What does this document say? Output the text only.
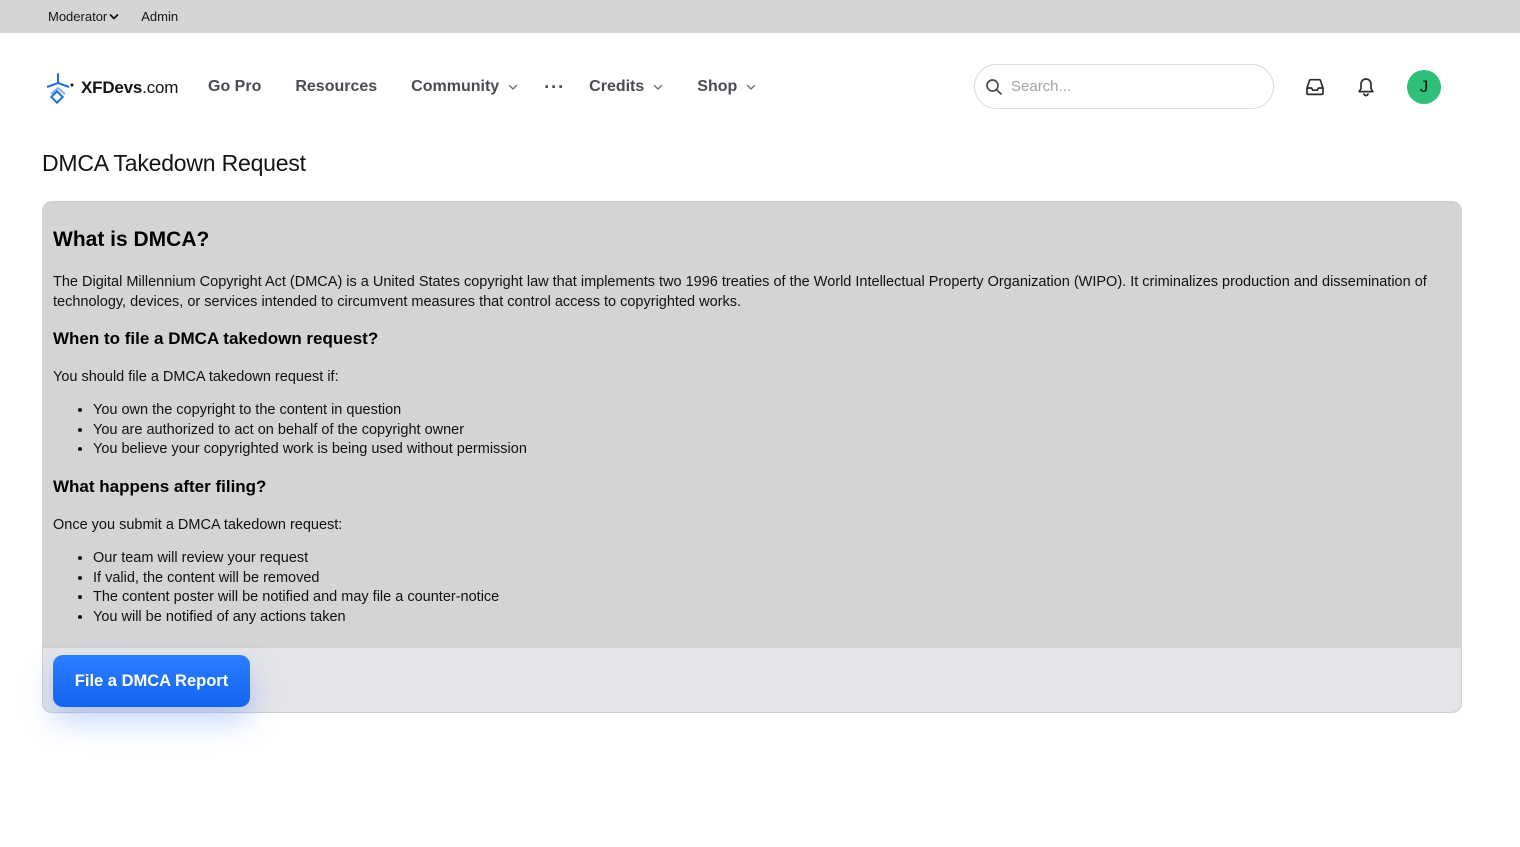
Moderator	Admin
XFDevs.com Go Pro Resources Community	··· Credits	Shop
Search...	J
DMCA Takedown Request
What is DMCA?

The Digital Millennium Copyright Act (DMCA) is a United States copyright law that implements two 1996 treaties of the World Intellectual Property Organization (WIPO). It criminalizes production and dissemination of technology, devices, or services intended to circumvent measures that control access to copyrighted works.

When to file a DMCA takedown request?

You should file a DMCA takedown request if:

• You own the copyright to the content in question
• You are authorized to act on behalf of the copyright owner
• You believe your copyrighted work is being used without permission
What happens after filing?

Once you submit a DMCA takedown request:

• Our team will review your request
• If valid, the content will be removed
• The content poster will be notified and may file a counter-notice
• You will be notified of any actions taken
File a DMCA Report
